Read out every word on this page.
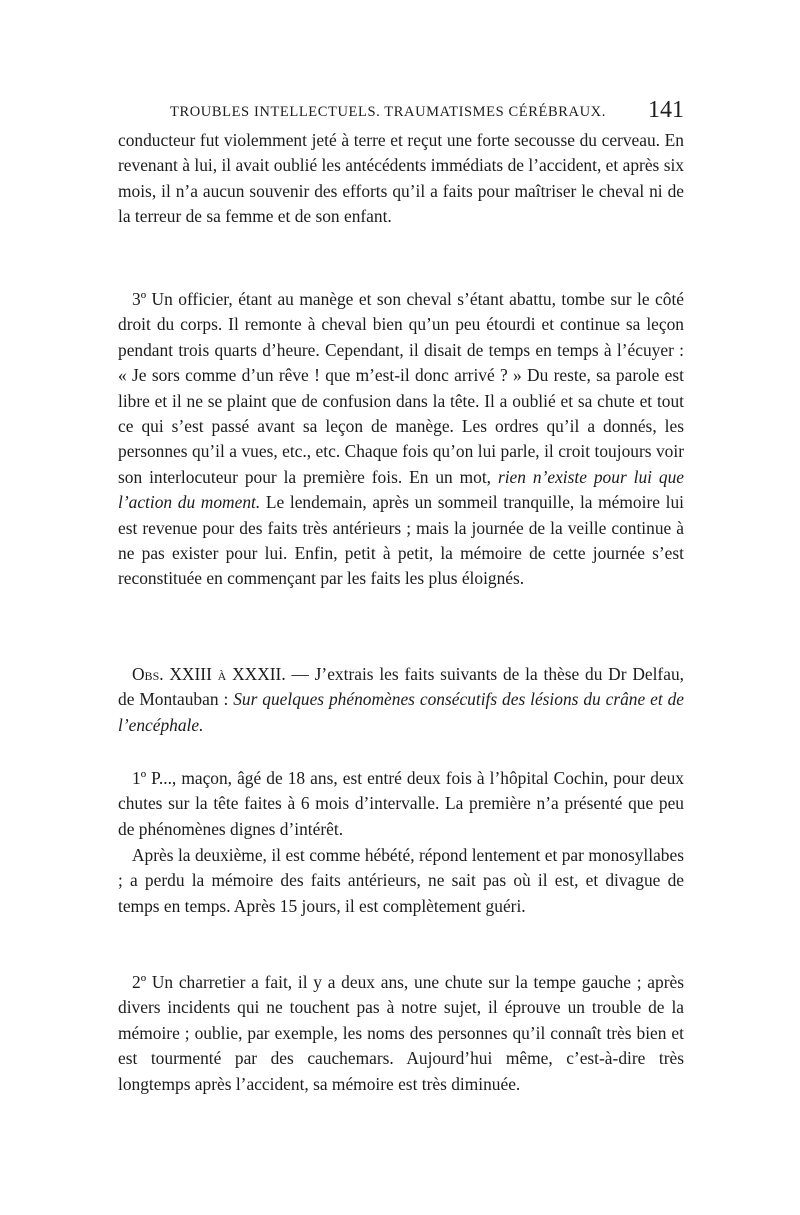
TROUBLES INTELLECTUELS. TRAUMATISMES CÉRÉBRAUX. 141

conducteur fut violemment jeté à terre et reçut une forte secousse du cerveau. En revenant à lui, il avait oublié les antécédents immédiats de l’accident, et après six mois, il n’a aucun souvenir des efforts qu’il a faits pour maîtriser le cheval ni de la terreur de sa femme et de son enfant.

3º Un officier, étant au manège et son cheval s’étant abattu, tombe sur le côté droit du corps. Il remonte à cheval bien qu’un peu étourdi et continue sa leçon pendant trois quarts d’heure. Cependant, il disait de temps en temps à l’écuyer : « Je sors comme d’un rêve ! que m’est-il donc arrivé ? » Du reste, sa parole est libre et il ne se plaint que de confusion dans la tête. Il a oublié et sa chute et tout ce qui s’est passé avant sa leçon de manège. Les ordres qu’il a donnés, les personnes qu’il a vues, etc., etc. Chaque fois qu’on lui parle, il croit toujours voir son interlocuteur pour la première fois. En un mot, rien n’existe pour lui que l’action du moment. Le lendemain, après un sommeil tranquille, la mémoire lui est revenue pour des faits très antérieurs ; mais la journée de la veille continue à ne pas exister pour lui. Enfin, petit à petit, la mémoire de cette journée s’est reconstituée en commençant par les faits les plus éloignés.

Obs. XXIII à XXXII. — J’extrais les faits suivants de la thèse du Dr Delfau, de Montauban : Sur quelques phénomènes consécutifs des lésions du crâne et de l’encéphale.

1º P..., maçon, âgé de 18 ans, est entré deux fois à l’hôpital Cochin, pour deux chutes sur la tête faites à 6 mois d’intervalle. La première n’a présenté que peu de phénomènes dignes d’intérêt.

Après la deuxième, il est comme hébété, répond lentement et par monosyllabes ; a perdu la mémoire des faits antérieurs, ne sait pas où il est, et divague de temps en temps. Après 15 jours, il est complètement guéri.

2º Un charretier a fait, il y a deux ans, une chute sur la tempe gauche ; après divers incidents qui ne touchent pas à notre sujet, il éprouve un trouble de la mémoire ; oublie, par exemple, les noms des personnes qu’il connaît très bien et est tourmenté par des cauchemars. Aujourd’hui même, c’est-à-dire très longtemps après l’accident, sa mémoire est très diminuée.
